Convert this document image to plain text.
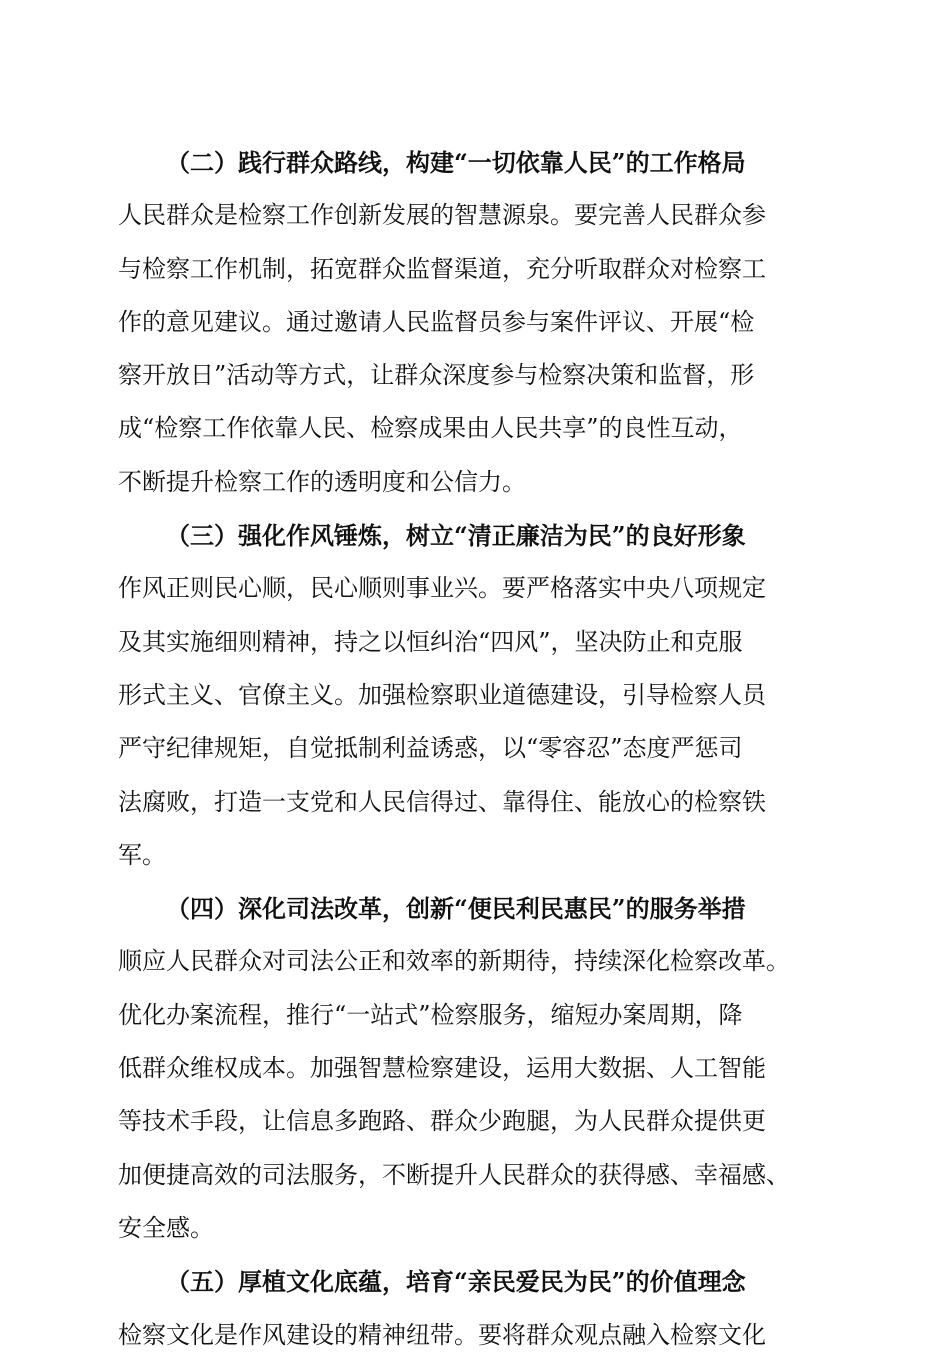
（二）践行群众路线，构建“一切依靠人民”的工作格局
人民群众是检察工作创新发展的智慧源泉。要完善人民群众参
与检察工作机制，拓宽群众监督渠道，充分听取群众对检察工
作的意见建议。通过邀请人民监督员参与案件评议、开展“检
察开放日”活动等方式，让群众深度参与检察决策和监督，形
成“检察工作依靠人民、检察成果由人民共享”的良性互动，
不断提升检察工作的透明度和公信力。
（三）强化作风锤炼，树立“清正廉洁为民”的良好形象
作风正则民心顺，民心顺则事业兴。要严格落实中央八项规定
及其实施细则精神，持之以恒纠治“四风”，坚决防止和克服
形式主义、官僚主义。加强检察职业道德建设，引导检察人员
严守纪律规矩，自觉抵制利益诱惑，以“零容忍”态度严惩司
法腐败，打造一支党和人民信得过、靠得住、能放心的检察铁
军。
（四）深化司法改革，创新“便民利民惠民”的服务举措
顺应人民群众对司法公正和效率的新期待，持续深化检察改革。
优化办案流程，推行“一站式”检察服务，缩短办案周期，降
低群众维权成本。加强智慧检察建设，运用大数据、人工智能
等技术手段，让信息多跑路、群众少跑腿，为人民群众提供更
加便捷高效的司法服务，不断提升人民群众的获得感、幸福感、
安全感。
（五）厚植文化底蕴，培育“亲民爱民为民”的价值理念
检察文化是作风建设的精神纽带。要将群众观点融入检察文化
